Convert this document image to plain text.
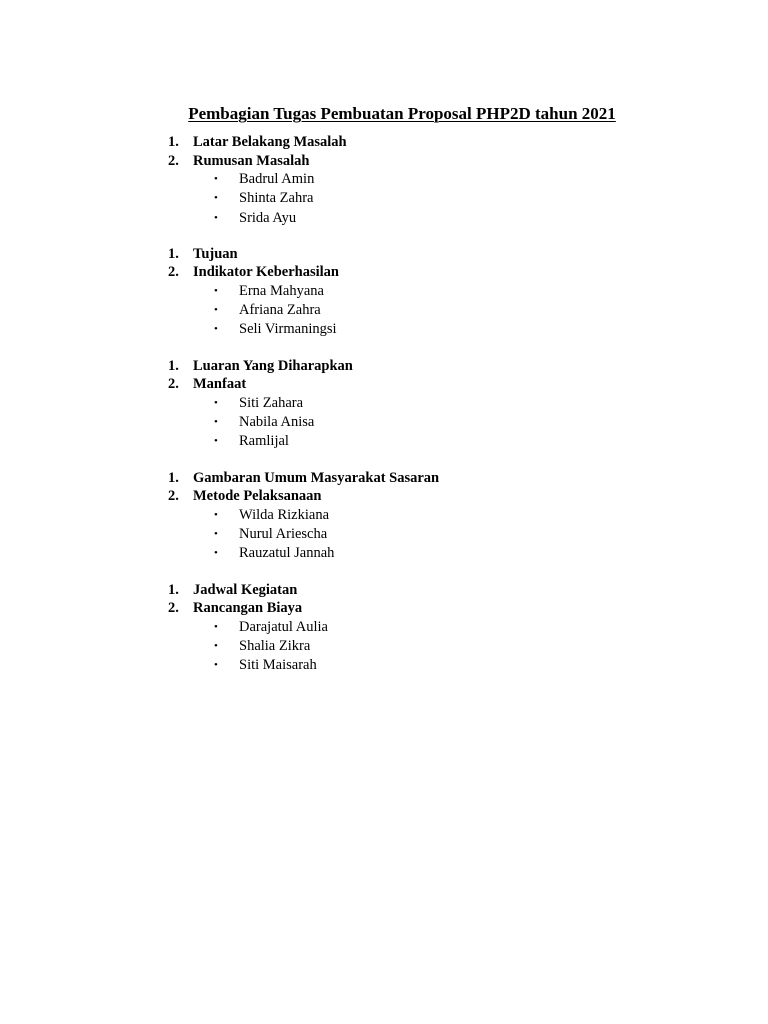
Pembagian Tugas Pembuatan Proposal PHP2D tahun 2021
1. Latar Belakang Masalah
2. Rumusan Masalah
• Badrul Amin
• Shinta Zahra
• Srida Ayu
1. Tujuan
2. Indikator Keberhasilan
• Erna Mahyana
• Afriana Zahra
• Seli Virmaningsi
1. Luaran Yang Diharapkan
2. Manfaat
• Siti Zahara
• Nabila Anisa
• Ramlijal
1. Gambaran Umum Masyarakat Sasaran
2. Metode Pelaksanaan
• Wilda Rizkiana
• Nurul Ariescha
• Rauzatul Jannah
1. Jadwal Kegiatan
2. Rancangan Biaya
• Darajatul Aulia
• Shalia Zikra
• Siti Maisarah
